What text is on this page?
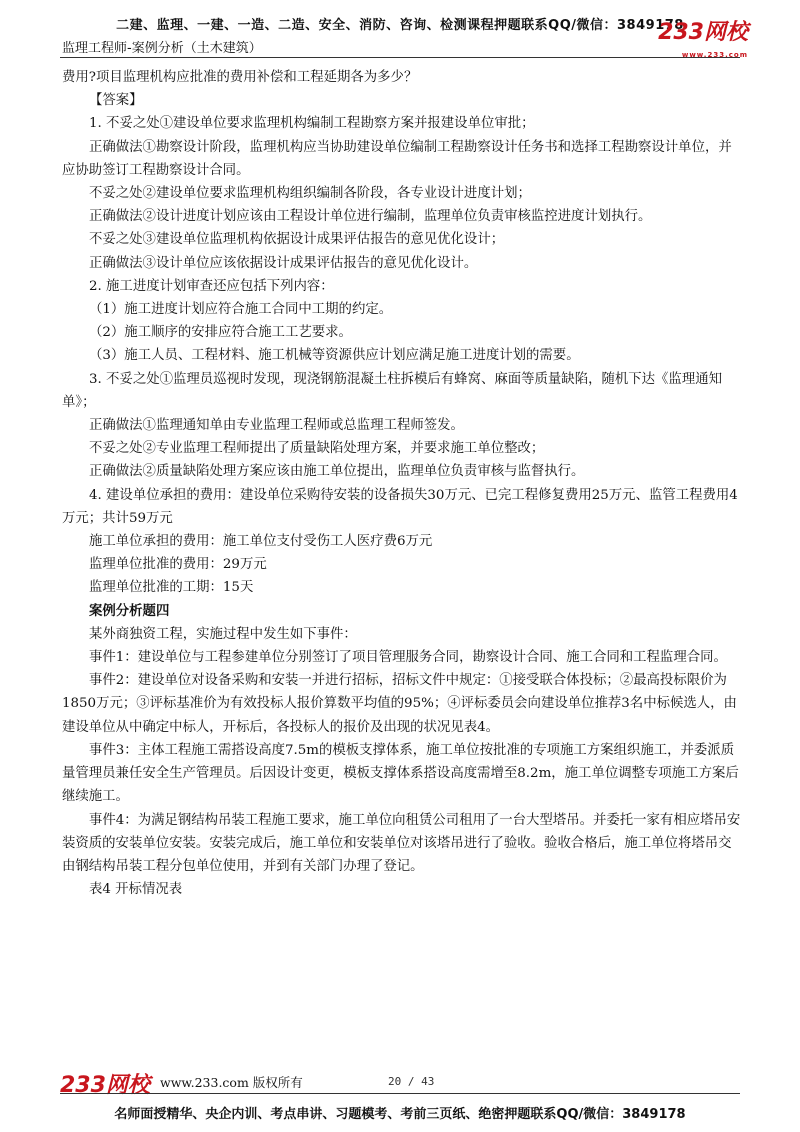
二建、监理、一建、一造、二造、安全、消防、咨询、检测课程押题联系QQ/微信：3849178
监理工程师-案例分析（土木建筑）
233网校
www.233.com

费用?项目监理机构应批准的费用补偿和工程延期各为多少？

【答案】

1. 不妥之处①建设单位要求监理机构编制工程勘察方案并报建设单位审批；

正确做法①勘察设计阶段，监理机构应当协助建设单位编制工程勘察设计任务书和选择工程勘察设计单位，并应协助签订工程勘察设计合同。

不妥之处②建设单位要求监理机构组织编制各阶段，各专业设计进度计划；

正确做法②设计进度计划应该由工程设计单位进行编制，监理单位负责审核监控进度计划执行。

不妥之处③建设单位监理机构依据设计成果评估报告的意见优化设计；

正确做法③设计单位应该依据设计成果评估报告的意见优化设计。

2. 施工进度计划审查还应包括下列内容：

（1）施工进度计划应符合施工合同中工期的约定。

（2）施工顺序的安排应符合施工工艺要求。

（3）施工人员、工程材料、施工机械等资源供应计划应满足施工进度计划的需要。

3. 不妥之处①监理员巡视时发现，现浇钢筋混凝土柱拆模后有蜂窝、麻面等质量缺陷，随机下达《监理通知单》；

正确做法①监理通知单由专业监理工程师或总监理工程师签发。

不妥之处②专业监理工程师提出了质量缺陷处理方案，并要求施工单位整改；

正确做法②质量缺陷处理方案应该由施工单位提出，监理单位负责审核与监督执行。

4. 建设单位承担的费用：建设单位采购待安装的设备损失30万元、已完工程修复费用25万元、监管工程费用4万元；共计59万元

施工单位承担的费用：施工单位支付受伤工人医疗费6万元

监理单位批准的费用：29万元

监理单位批准的工期：15天

案例分析题四

某外商独资工程，实施过程中发生如下事件：

事件1：建设单位与工程参建单位分别签订了项目管理服务合同，勘察设计合同、施工合同和工程监理合同。

事件2：建设单位对设备采购和安装一并进行招标，招标文件中规定：①接受联合体投标；②最高投标限价为1850万元；③评标基准价为有效投标人报价算数平均值的95%；④评标委员会向建设单位推荐3名中标候选人，由建设单位从中确定中标人，开标后，各投标人的报价及出现的状况见表4。

事件3：主体工程施工需搭设高度7.5m的模板支撑体系，施工单位按批准的专项施工方案组织施工，并委派质量管理员兼任安全生产管理员。后因设计变更，模板支撑体系搭设高度需增至8.2m，施工单位调整专项施工方案后继续施工。

事件4：为满足钢结构吊装工程施工要求，施工单位向租赁公司租用了一台大型塔吊。并委托一家有相应塔吊安装资质的安装单位安装。安装完成后，施工单位和安装单位对该塔吊进行了验收。验收合格后，施工单位将塔吊交由钢结构吊装工程分包单位使用，并到有关部门办理了登记。

表4 开标情况表

233网校 www.233.com 版权所有	20 / 43
名师面授精华、央企内训、考点串讲、习题模考、考前三页纸、绝密押题联系QQ/微信：3849178
